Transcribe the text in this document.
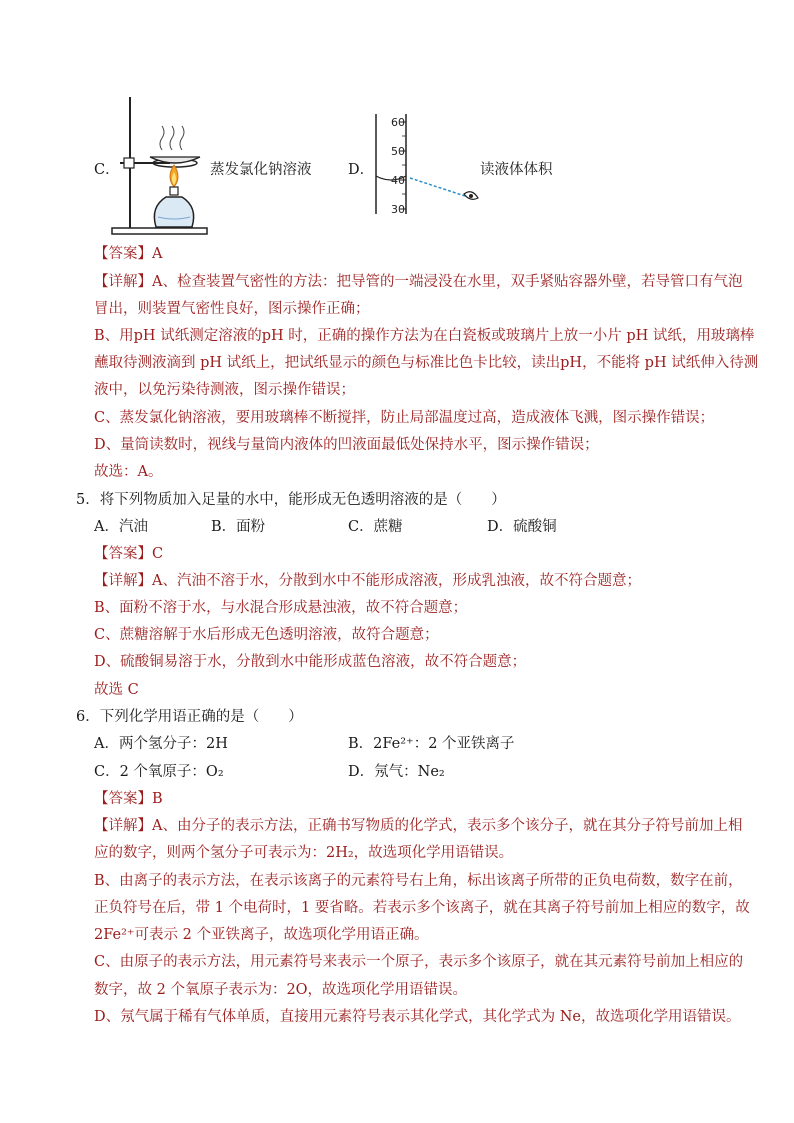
C．	蒸发氯化钠溶液	D．
60
50
40
30
读液体体积
【答案】A
【详解】A、检查装置气密性的方法：把导管的一端浸没在水里，双手紧贴容器外壁，若导管口有气泡
冒出，则装置气密性良好，图示操作正确；
B、用pH 试纸测定溶液的pH 时，正确的操作方法为在白瓷板或玻璃片上放一小片 pH 试纸，用玻璃棒
蘸取待测液滴到 pH 试纸上，把试纸显示的颜色与标准比色卡比较，读出pH，不能将 pH 试纸伸入待测
液中，以免污染待测液，图示操作错误；
C、蒸发氯化钠溶液，要用玻璃棒不断搅拌，防止局部温度过高，造成液体飞溅，图示操作错误；
D、量筒读数时，视线与量筒内液体的凹液面最低处保持水平，图示操作错误；
故选：A。
5．将下列物质加入足量的水中，能形成无色透明溶液的是（　　）
A．汽油	B．面粉	C．蔗糖	D．硫酸铜
【答案】C
【详解】A、汽油不溶于水，分散到水中不能形成溶液，形成乳浊液，故不符合题意；
B、面粉不溶于水，与水混合形成悬浊液，故不符合题意；
C、蔗糖溶解于水后形成无色透明溶液，故符合题意；
D、硫酸铜易溶于水，分散到水中能形成蓝色溶液，故不符合题意；
故选 C
6．下列化学用语正确的是（　　）
A．两个氢分子：2H	B．2Fe²⁺：2 个亚铁离子
C．2 个氧原子：O₂	D．氖气：Ne₂
【答案】B
【详解】A、由分子的表示方法，正确书写物质的化学式，表示多个该分子，就在其分子符号前加上相
应的数字，则两个氢分子可表示为：2H₂，故选项化学用语错误。
B、由离子的表示方法，在表示该离子的元素符号右上角，标出该离子所带的正负电荷数，数字在前，
正负符号在后，带 1 个电荷时，1 要省略。若表示多个该离子，就在其离子符号前加上相应的数字，故
2Fe²⁺可表示 2 个亚铁离子，故选项化学用语正确。
C、由原子的表示方法，用元素符号来表示一个原子，表示多个该原子，就在其元素符号前加上相应的
数字，故 2 个氧原子表示为：2O，故选项化学用语错误。
D、氖气属于稀有气体单质，直接用元素符号表示其化学式，其化学式为 Ne，故选项化学用语错误。
